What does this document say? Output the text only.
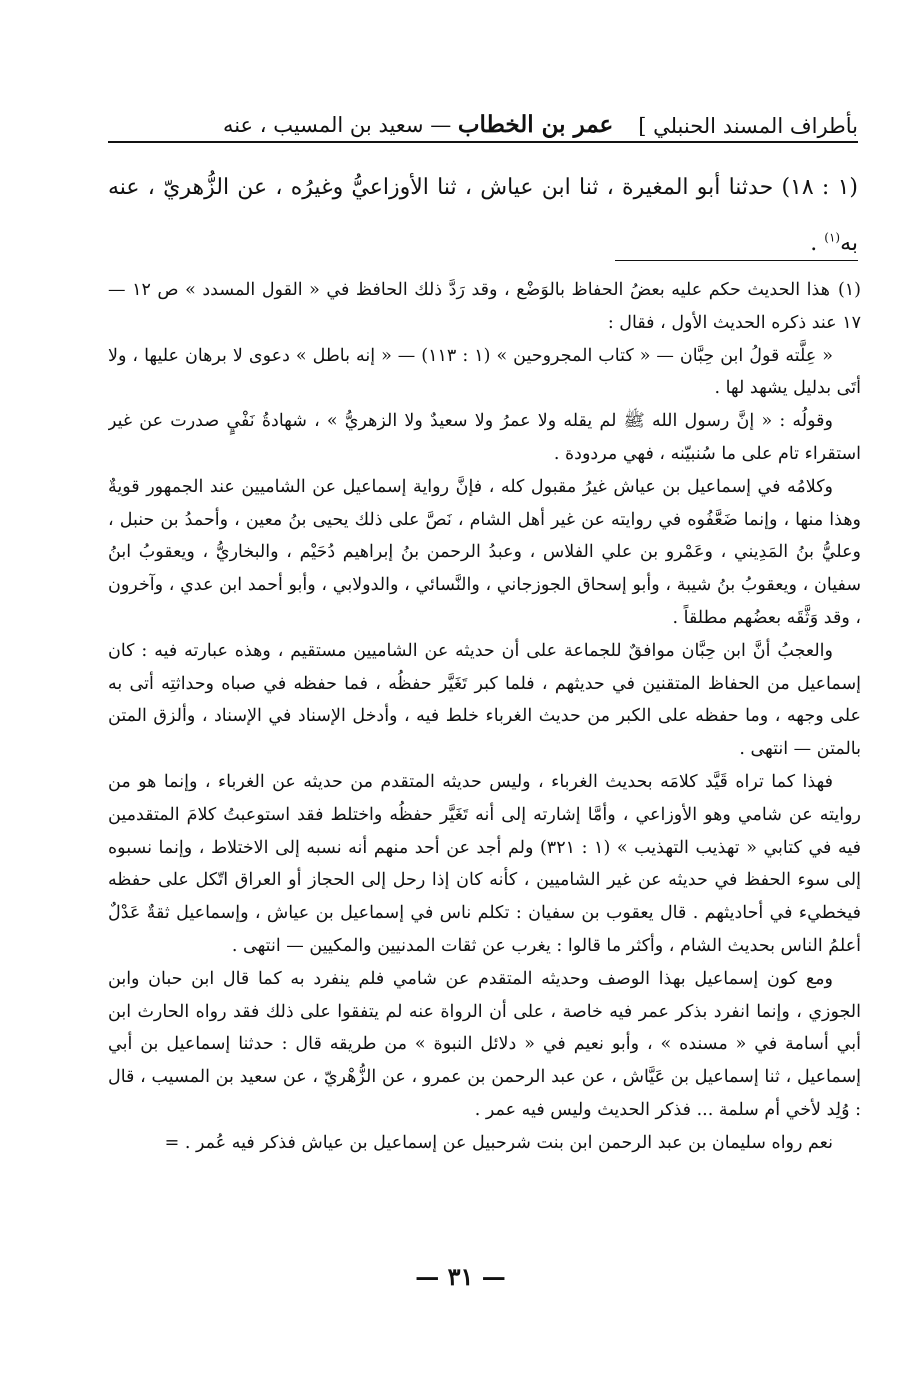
بأطراف المسند الحنبلي ]
عمر بن الخطاب — سعيد بن المسيب ، عنه

(١ : ١٨) حدثنا أبو المغيرة ، ثنا ابن عياش ، ثنا الأوزاعيُّ وغيرُه ، عن الزُّهريّ ، عنه به$^{(١)}$ .

(١)هذا الحديث حكم عليه بعضُ الحفاظ بالوَضْع ، وقد رَدَّ ذلك الحافظ في « القول المسدد » ص ١٢ — ١٧ عند ذكره الحديث الأول ، فقال :

« عِلَّته قولُ ابن حِبَّان — « كتاب المجروحين » (١ : ١١٣) — « إنه باطل » دعوى لا برهان عليها ، ولا أتَى بدليل يشهد لها .

وقولُه : « إنَّ رسول الله ﷺ لم يقله ولا عمرُ ولا سعيدٌ ولا الزهريُّ » ، شهادةُ نَفْيٍ صدرت عن غير استقراء تام على ما سُنبيّنه ، فهي مردودة .

وكلامُه في إسماعيل بن عياش غيرُ مقبول كله ، فإنَّ رواية إسماعيل عن الشاميين عند الجمهور قويةٌ وهذا منها ، وإنما ضَعَّفُوه في روايته عن غير أهل الشام ، نَصَّ على ذلك يحيى بنُ معين ، وأحمدُ بن حنبل ، وعليُّ بنُ المَدِيني ، وعَمْرو بن علي الفلاس ، وعبدُ الرحمن بنُ إبراهيم دُحَيْم ، والبخاريُّ ، ويعقوبُ ابنُ سفيان ، ويعقوبُ بنُ شيبة ، وأبو إسحاق الجوزجاني ، والنَّسائي ، والدولابي ، وأبو أحمد ابن عدي ، وآخرون ، وقد وَثَّقَه بعضُهم مطلقاً .

والعجبُ أنَّ ابن حِبَّان موافقٌ للجماعة على أن حديثه عن الشاميين مستقيم ، وهذه عبارته فيه : كان إسماعيل من الحفاظ المتقنين في حديثهم ، فلما كبر تَغَيَّر حفظُه ، فما حفظه في صباه وحداثتِه أتى به على وجهه ، وما حفظه على الكبر من حديث الغرباء خلط فيه ، وأدخل الإسناد في الإسناد ، وألزق المتن بالمتن — انتهى .

فهذا كما تراه قَيَّد كلامَه بحديث الغرباء ، وليس حديثه المتقدم من حديثه عن الغرباء ، وإنما هو من روايته عن شامي وهو الأوزاعي ، وأمَّا إشارته إلى أنه تَغَيَّر حفظُه واختلط فقد استوعبتُ كلامَ المتقدمين فيه في كتابي « تهذيب التهذيب » (١ : ٣٢١) ولم أجد عن أحد منهم أنه نسبه إلى الاختلاط ، وإنما نسبوه إلى سوء الحفظ في حديثه عن غير الشاميين ، كأنه كان إذا رحل إلى الحجاز أو العراق اتّكل على حفظه فيخطيء في أحاديثهم . قال يعقوب بن سفيان : تكلم ناس في إسماعيل بن عياش ، وإسماعيل ثقةٌ عَدْلٌ أعلمُ الناس بحديث الشام ، وأكثر ما قالوا : يغرب عن ثقات المدنيين والمكيين — انتهى .

ومع كون إسماعيل بهذا الوصف وحديثه المتقدم عن شامي فلم ينفرد به كما قال ابن حبان وابن الجوزي ، وإنما انفرد بذكر عمر فيه خاصة ، على أن الرواة عنه لم يتفقوا على ذلك فقد رواه الحارث ابن أبي أسامة في « مسنده » ، وأبو نعيم في « دلائل النبوة » من طريقه قال : حدثنا إسماعيل بن أبي إسماعيل ، ثنا إسماعيل بن عَيَّاش ، عن عبد الرحمن بن عمرو ، عن الزُّهْريّ ، عن سعيد بن المسيب ، قال : وُلِد لأخي أم سلمة ... فذكر الحديث وليس فيه عمر .

نعم رواه سليمان بن عبد الرحمن ابن بنت شرحبيل عن إسماعيل بن عياش فذكر فيه عُمر . =

— ٣١ —
